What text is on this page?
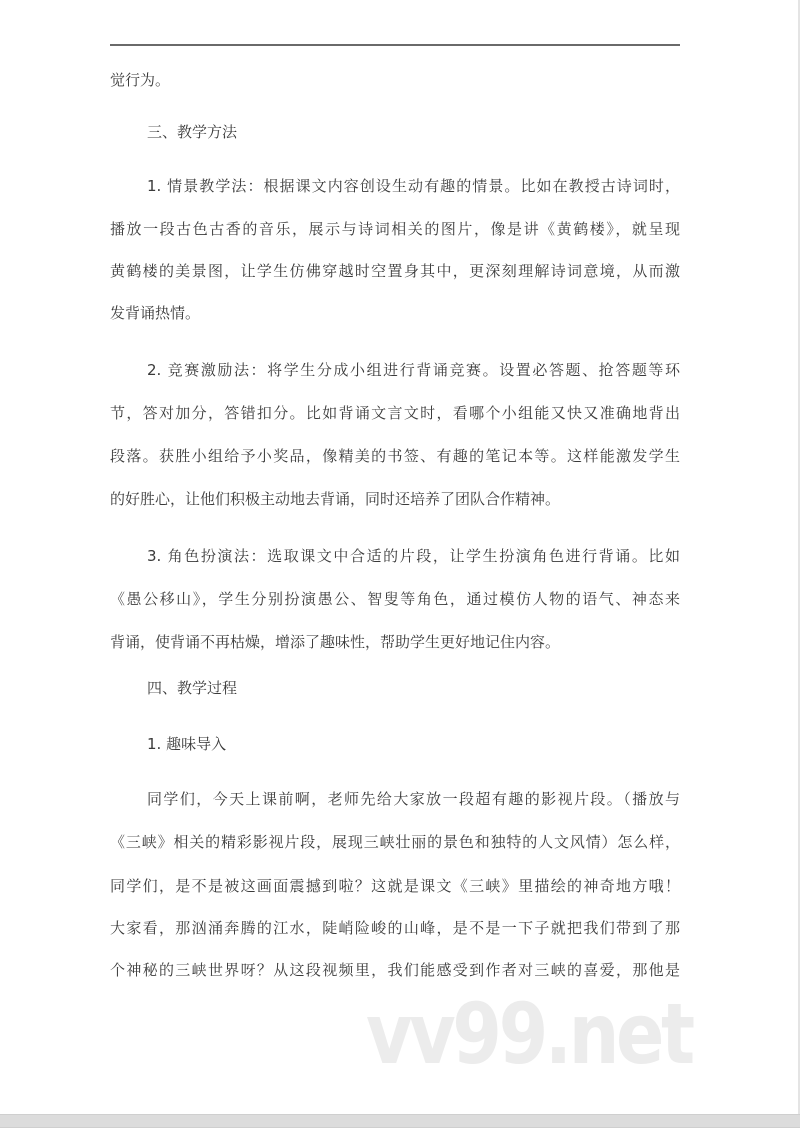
觉行为。
三、教学方法
1. 情景教学法：根据课文内容创设生动有趣的情景。比如在教授古诗词时，
播放一段古色古香的音乐，展示与诗词相关的图片，像是讲《黄鹤楼》，就呈现
黄鹤楼的美景图，让学生仿佛穿越时空置身其中，更深刻理解诗词意境，从而激
发背诵热情。
2. 竞赛激励法：将学生分成小组进行背诵竞赛。设置必答题、抢答题等环
节，答对加分，答错扣分。比如背诵文言文时，看哪个小组能又快又准确地背出
段落。获胜小组给予小奖品，像精美的书签、有趣的笔记本等。这样能激发学生
的好胜心，让他们积极主动地去背诵，同时还培养了团队合作精神。
3. 角色扮演法：选取课文中合适的片段，让学生扮演角色进行背诵。比如
《愚公移山》，学生分别扮演愚公、智叟等角色，通过模仿人物的语气、神态来
背诵，使背诵不再枯燥，增添了趣味性，帮助学生更好地记住内容。
四、教学过程
1. 趣味导入
同学们，今天上课前啊，老师先给大家放一段超有趣的影视片段。（播放与
《三峡》相关的精彩影视片段，展现三峡壮丽的景色和独特的人文风情）怎么样，
同学们，是不是被这画面震撼到啦？这就是课文《三峡》里描绘的神奇地方哦！
大家看，那汹涌奔腾的江水，陡峭险峻的山峰，是不是一下子就把我们带到了那
个神秘的三峡世界呀？从这段视频里，我们能感受到作者对三峡的喜爱，那他是
vv99.net
